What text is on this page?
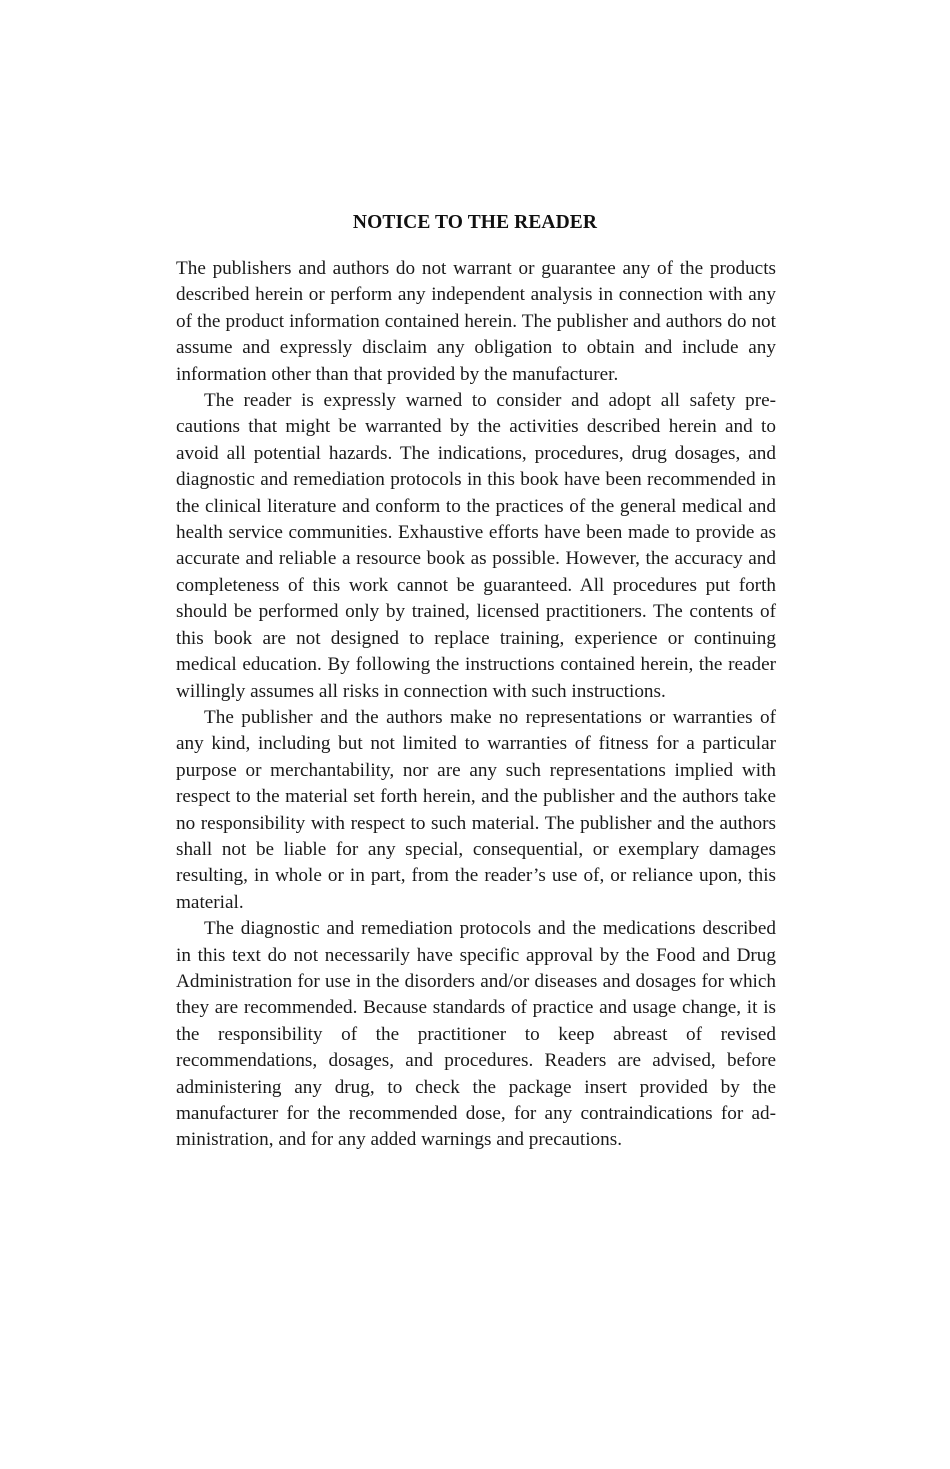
NOTICE TO THE READER

The publishers and authors do not warrant or guarantee any of the products described herein or perform any independent analysis in connection with any of the product information contained herein. The publisher and authors do not assume and expressly disclaim any obligation to obtain and include any information other than that provided by the manufacturer.

The reader is expressly warned to consider and adopt all safety precautions that might be warranted by the activities described herein and to avoid all potential hazards. The indications, procedures, drug dosages, and diagnostic and remediation protocols in this book have been recommended in the clinical literature and conform to the practices of the general medical and health service communities. Exhaustive efforts have been made to provide as accurate and reliable a resource book as possible. However, the accuracy and completeness of this work cannot be guaranteed. All procedures put forth should be performed only by trained, licensed practitioners. The contents of this book are not designed to replace training, experience or continuing medical education. By following the instructions contained herein, the reader willingly assumes all risks in connection with such instructions.

The publisher and the authors make no representations or warranties of any kind, including but not limited to warranties of fitness for a particular purpose or merchantability, nor are any such representations implied with respect to the material set forth herein, and the publisher and the authors take no responsibility with respect to such material. The publisher and the authors shall not be liable for any special, consequential, or exemplary damages resulting, in whole or in part, from the reader’s use of, or reliance upon, this material.

The diagnostic and remediation protocols and the medications described in this text do not necessarily have specific approval by the Food and Drug Administration for use in the disorders and/or diseases and dosages for which they are recommended. Because standards of practice and usage change, it is the responsibility of the practitioner to keep abreast of revised recommendations, dosages, and procedures. Readers are advised, before administering any drug, to check the package insert provided by the manufacturer for the recommended dose, for any contraindications for administration, and for any added warnings and precautions.
